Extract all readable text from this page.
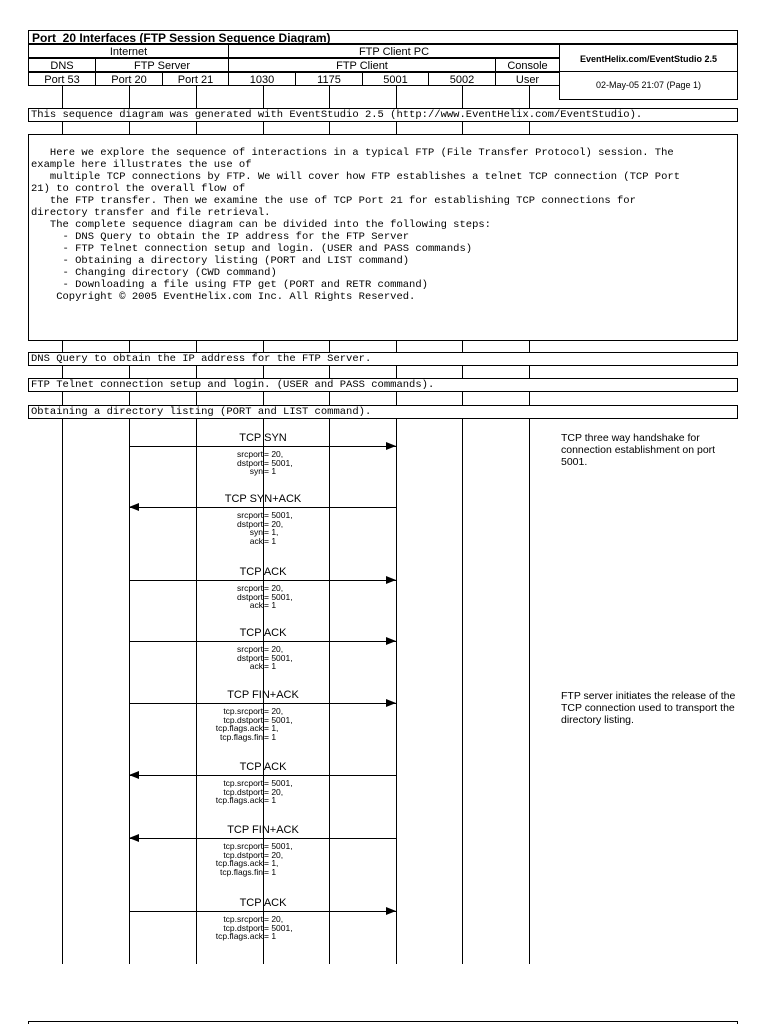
Port_20 Interfaces (FTP Session Sequence Diagram)
Internet	FTP Client PC
DNS	FTP Server	FTP Client	Console
Port 53	Port 20	Port 21	1030	1175	5001	5002	User
EventHelix.com/EventStudio 2.5
02-May-05 21:07 (Page 1)
This sequence diagram was generated with EventStudio 2.5 (http://www.EventHelix.com/EventStudio).
Here we explore the sequence of interactions in a typical FTP (File Transfer Protocol) session. The
example here illustrates the use of
multiple TCP connections by FTP. We will cover how FTP establishes a telnet TCP connection (TCP Port
21) to control the overall flow of
the FTP transfer. Then we examine the use of TCP Port 21 for establishing TCP connections for
directory transfer and file retrieval.
The complete sequence diagram can be divided into the following steps:
- DNS Query to obtain the IP address for the FTP Server
- FTP Telnet connection setup and login. (USER and PASS commands)
- Obtaining a directory listing (PORT and LIST command)
- Changing directory (CWD command)
- Downloading a file using FTP get (PORT and RETR command)
Copyright © 2005 EventHelix.com Inc. All Rights Reserved.
DNS Query to obtain the IP address for the FTP Server.
FTP Telnet connection setup and login. (USER and PASS commands).
Obtaining a directory listing (PORT and LIST command).
TCP SYN
srcport = 20,
dstport = 5001,
syn = 1
TCP SYN+ACK
srcport = 5001,
dstport = 20,
syn = 1,
ack = 1
TCP ACK
srcport = 20,
dstport = 5001,
ack = 1
TCP ACK
srcport = 20,
dstport = 5001,
ack = 1
TCP FIN+ACK
tcp.srcport = 20,
tcp.dstport = 5001,
tcp.flags.ack = 1,
tcp.flags.fin = 1
TCP ACK
tcp.srcport = 5001,
tcp.dstport = 20,
tcp.flags.ack = 1
TCP FIN+ACK
tcp.srcport = 5001,
tcp.dstport = 20,
tcp.flags.ack = 1,
tcp.flags.fin = 1
TCP ACK
tcp.srcport = 20,
tcp.dstport = 5001,
tcp.flags.ack = 1
TCP three way handshake for connection establishment on port 5001.
FTP server initiates the release of the TCP connection used to transport the directory listing.
